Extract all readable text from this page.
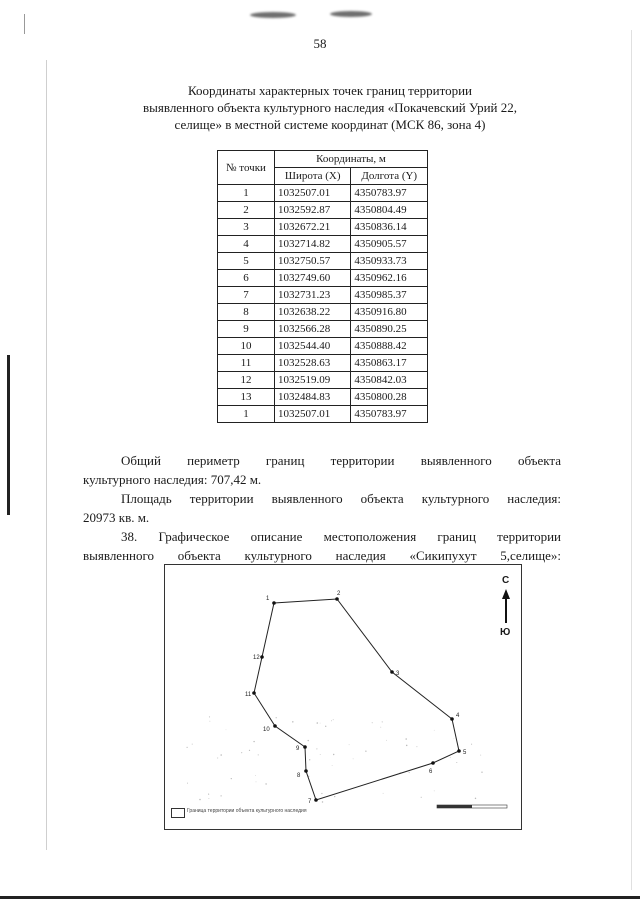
58
Координаты характерных точек границ территории
выявленного объекта культурного наследия «Покачевский Урий 22,
селище» в местной системе координат (МСК 86, зона 4)
№ точки	Координаты, м	
	Широта (X)	Долгота (Y)
1	1032507.01	4350783.97
2	1032592.87	4350804.49
3	1032672.21	4350836.14
4	1032714.82	4350905.57
5	1032750.57	4350933.73
6	1032749.60	4350962.16
7	1032731.23	4350985.37
8	1032638.22	4350916.80
9	1032566.28	4350890.25
10	1032544.40	4350888.42
11	1032528.63	4350863.17
12	1032519.09	4350842.03
13	1032484.83	4350800.28
1	1032507.01	4350783.97
Общий периметр границ территории выявленного объекта
культурного наследия: 707,42 м.
Площадь территории выявленного объекта культурного наследия:
20973 кв. м.
38. Графическое описание местоположения границ территории
выявленного объекта культурного наследия «Сикипухут 5,селище»:
1
2
3
4
5
6
7
8
9
10
11
12
С
Ю
Граница территории объекта культурного наследия
